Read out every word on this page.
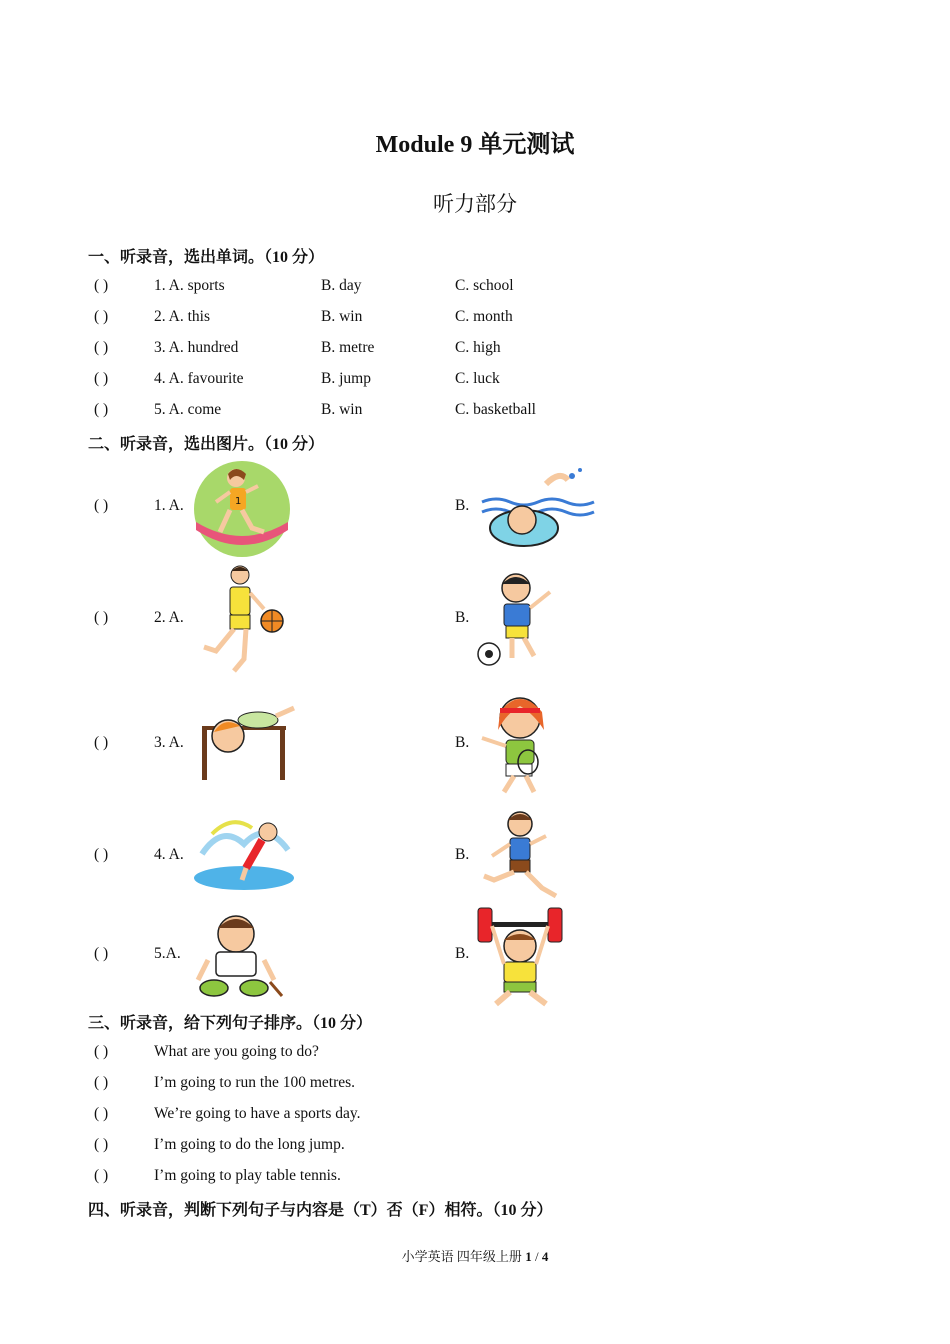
Module 9 单元测试
听力部分
一、听录音，选出单词。（10 分）
( )	1. A. sports	B. day	C. school
( )	2. A. this	B. win	C. month
( )	3. A. hundred	B. metre	C. high
( )	4. A. favourite	B. jump	C. luck
( )	5. A. come	B. win	C. basketball
二、听录音，选出图片。（10 分）
( )	1. A.	B.
1
( )	2. A.	B.
( )	3. A.	B.
( )	4. A.	B.
( )	5.A.	B.
三、听录音，给下列句子排序。（10 分）
( )	What are you going to do?
( )	I’m going to run the 100 metres.
( )	We’re going to have a sports day.
( )	I’m going to do the long jump.
( )	I’m going to play table tennis.
四、听录音，判断下列句子与内容是（T）否（F）相符。（10 分）
小学英语 四年级上册 1 / 4
